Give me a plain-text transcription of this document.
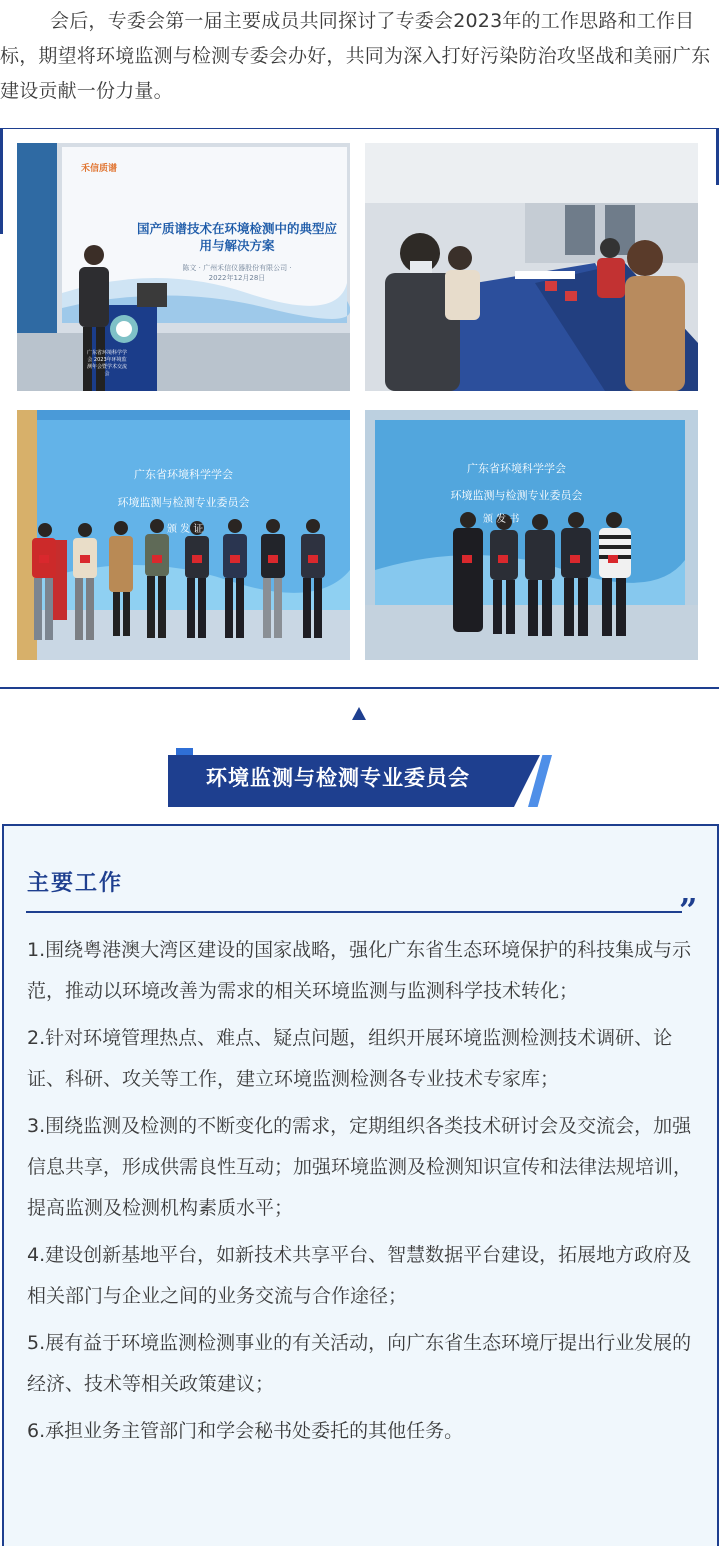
会后，专委会第一届主要成员共同探讨了专委会2023年的工作思路和工作目标，期望将环境监测与检测专委会办好，共同为深入打好污染防治攻坚战和美丽广东建设贡献一份力量。

禾信质谱
国产质谱技术在环境检测中的典型应用与解决方案
陈文 · 广州禾信仪器股份有限公司 · 2022年12月28日
广东省环境科学学会 2023年环境监测年会暨学术交流会
广东省环境科学学会
环境监测与检测专业委员会
颁 发 证
广东省环境科学学会
环境监测与检测专业委员会
颁 发 书
环境监测与检测专业委员会
主要工作
”
1.围绕粤港澳大湾区建设的国家战略，强化广东省生态环境保护的科技集成与示范，推动以环境改善为需求的相关环境监测与监测科学技术转化；
2.针对环境管理热点、难点、疑点问题，组织开展环境监测检测技术调研、论证、科研、攻关等工作，建立环境监测检测各专业技术专家库；
3.围绕监测及检测的不断变化的需求，定期组织各类技术研讨会及交流会，加强信息共享，形成供需良性互动；加强环境监测及检测知识宣传和法律法规培训，提高监测及检测机构素质水平；
4.建设创新基地平台，如新技术共享平台、智慧数据平台建设，拓展地方政府及相关部门与企业之间的业务交流与合作途径；
5.展有益于环境监测检测事业的有关活动，向广东省生态环境厅提出行业发展的经济、技术等相关政策建议；
6.承担业务主管部门和学会秘书处委托的其他任务。
